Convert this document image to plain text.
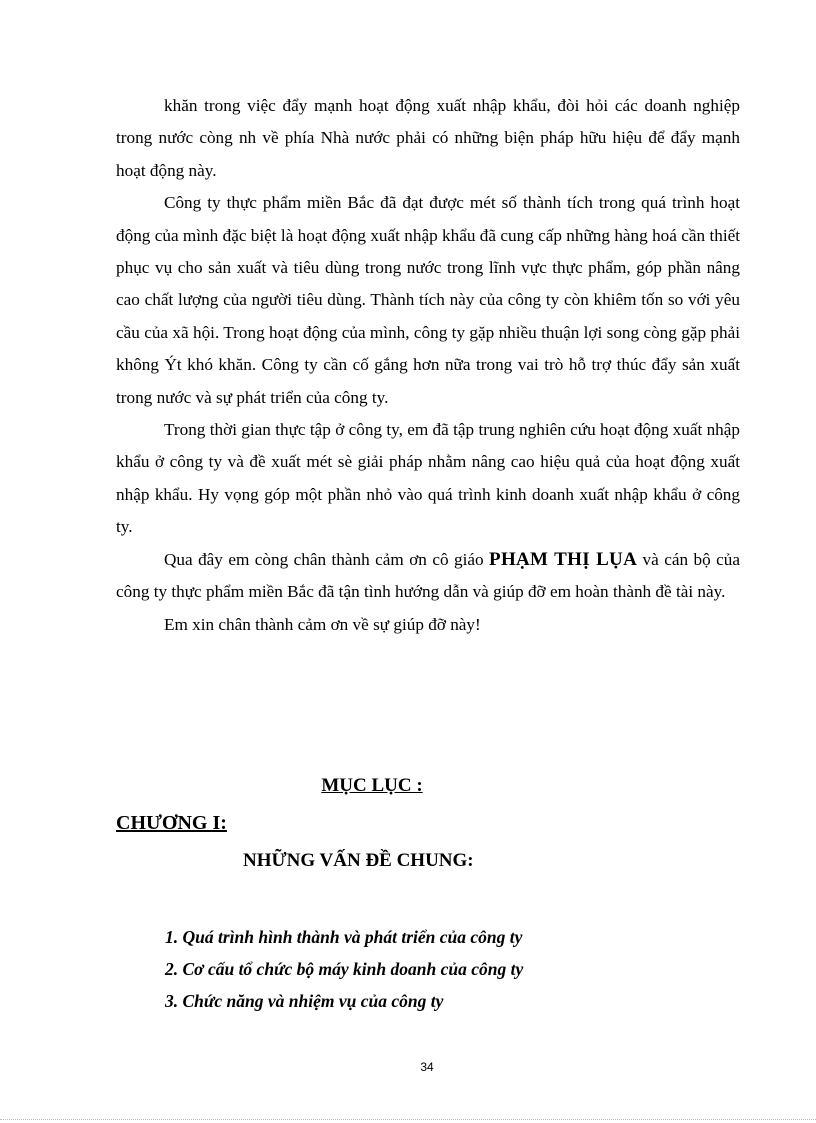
khăn trong việc đẩy mạnh hoạt động xuất nhập khẩu, đòi hỏi các doanh nghiệp trong nước còng nh về phía Nhà nước phải có những biện pháp hữu hiệu để đẩy mạnh hoạt động này.

Công ty thực phẩm miền Bắc đã đạt được mét số thành tích trong quá trình hoạt động của mình đặc biệt là hoạt động xuất nhập khẩu đã cung cấp những hàng hoá cần thiết phục vụ cho sản xuất và tiêu dùng trong nước trong lĩnh vực thực phẩm, góp phần nâng cao chất lượng của người tiêu dùng. Thành tích này của công ty còn khiêm tốn so với yêu cầu của xã hội. Trong hoạt động của mình, công ty gặp nhiều thuận lợi song còng gặp phải không Ýt khó khăn. Công ty cần cố gắng hơn nữa trong vai trò hỗ trợ thúc đẩy sản xuất trong nước và sự phát triển của công ty.

Trong thời gian thực tập ở công ty, em đã tập trung nghiên cứu hoạt động xuất nhập khẩu ở công ty và đề xuất mét sè giải pháp nhằm nâng cao hiệu quả của hoạt động xuất nhập khẩu. Hy vọng góp một phần nhỏ vào quá trình kinh doanh xuất nhập khẩu ở công ty.

Qua đây em còng chân thành cảm ơn cô giáo PHẠM THỊ LỤA và cán bộ của công ty thực phẩm miền Bắc đã tận tình hướng dẫn và giúp đỡ em hoàn thành đề tài này.

Em xin chân thành cảm ơn về sự giúp đỡ này!

MỤC LỤC :

CHƯƠNG I:

NHỮNG VẤN ĐỀ CHUNG:

1. Quá trình hình thành và phát triển của công ty
2. Cơ cấu tổ chức bộ máy kinh doanh của công ty
3. Chức năng và nhiệm vụ của công ty
34
